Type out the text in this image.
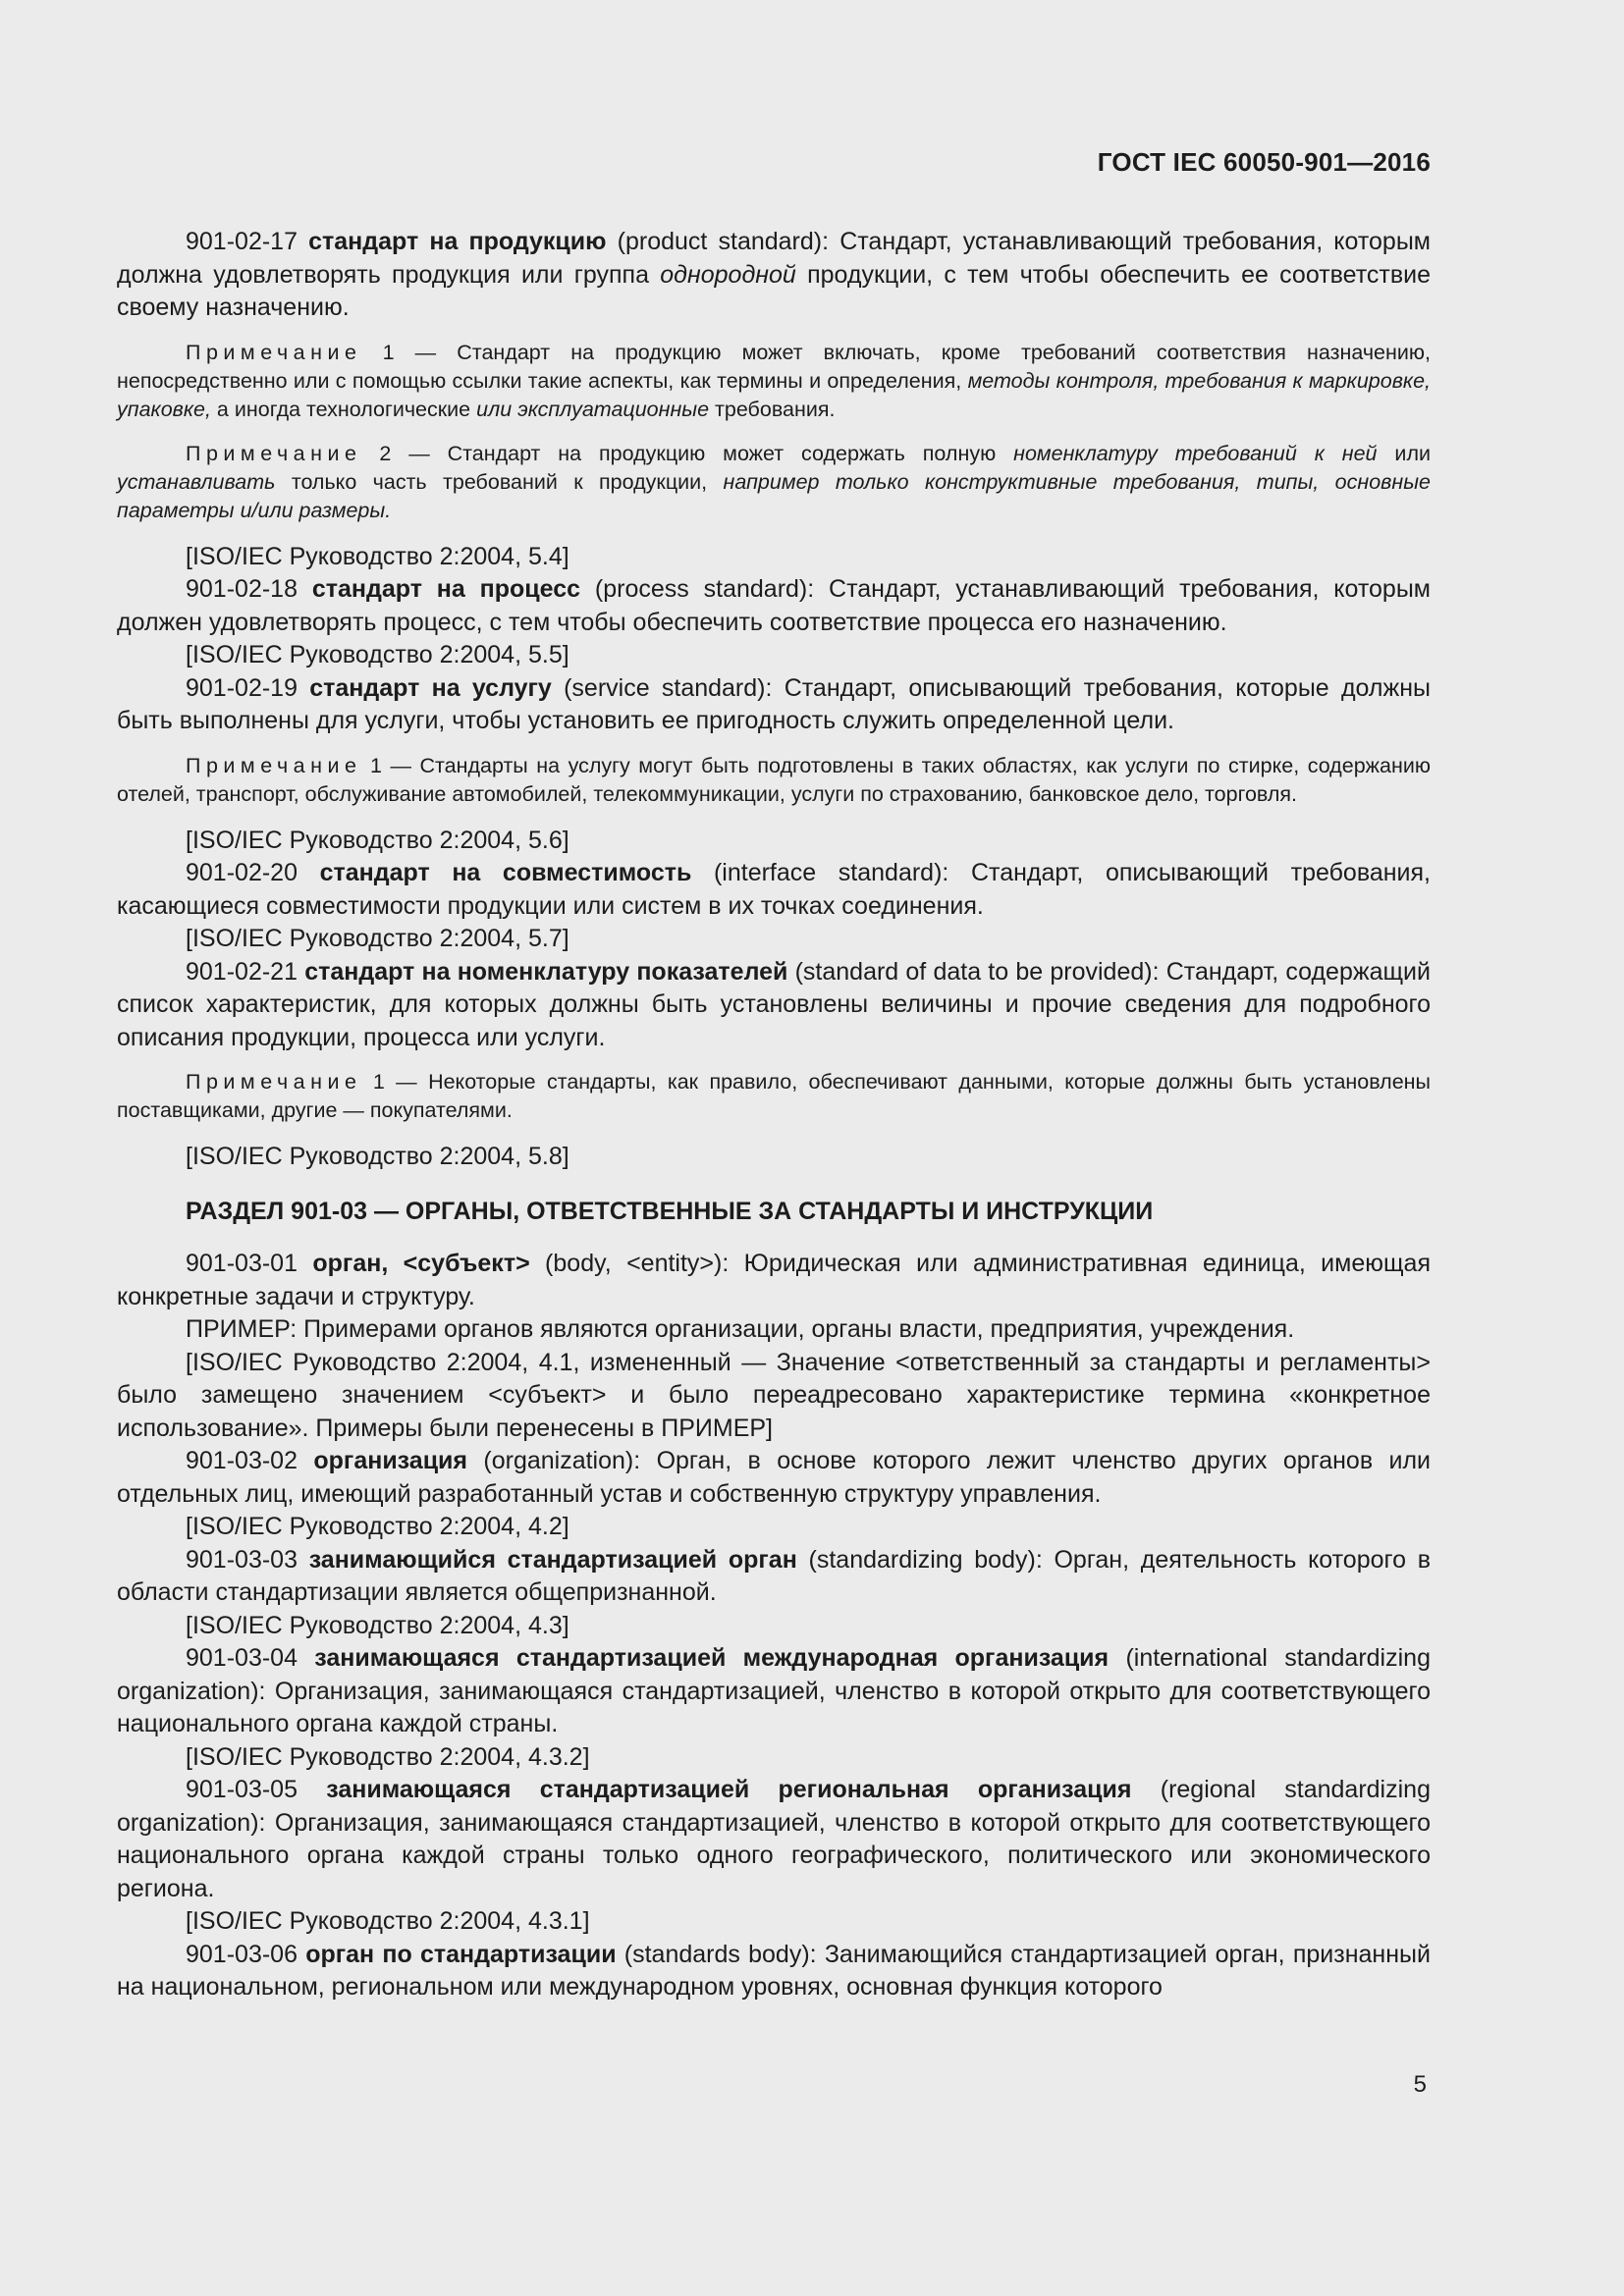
ГОСТ IEC 60050-901—2016

901-02-17 стандарт на продукцию (product standard): Стандарт, устанавливающий требования, которым должна удовлетворять продукция или группа однородной продукции, с тем чтобы обеспечить ее соответствие своему назначению.

Примечание 1 — Стандарт на продукцию может включать, кроме требований соответствия назначению, непосредственно или с помощью ссылки такие аспекты, как термины и определения, методы контроля, требования к маркировке, упаковке, а иногда технологические или эксплуатационные требования.

Примечание 2 — Стандарт на продукцию может содержать полную номенклатуру требований к ней или устанавливать только часть требований к продукции, например только конструктивные требования, типы, основные параметры и/или размеры.

[ISO/IEC Руководство 2:2004, 5.4]

901-02-18 стандарт на процесс (process standard): Стандарт, устанавливающий требования, которым должен удовлетворять процесс, с тем чтобы обеспечить соответствие процесса его назначению.

[ISO/IEC Руководство 2:2004, 5.5]

901-02-19 стандарт на услугу (service standard): Стандарт, описывающий требования, которые должны быть выполнены для услуги, чтобы установить ее пригодность служить определенной цели.

Примечание 1 — Стандарты на услугу могут быть подготовлены в таких областях, как услуги по стирке, содержанию отелей, транспорт, обслуживание автомобилей, телекоммуникации, услуги по страхованию, банковское дело, торговля.

[ISO/IEC Руководство 2:2004, 5.6]

901-02-20 стандарт на совместимость (interface standard): Стандарт, описывающий требования, касающиеся совместимости продукции или систем в их точках соединения.

[ISO/IEC Руководство 2:2004, 5.7]

901-02-21 стандарт на номенклатуру показателей (standard of data to be provided): Стандарт, содержащий список характеристик, для которых должны быть установлены величины и прочие сведения для подробного описания продукции, процесса или услуги.

Примечание 1 — Некоторые стандарты, как правило, обеспечивают данными, которые должны быть установлены поставщиками, другие — покупателями.

[ISO/IEC Руководство 2:2004, 5.8]

РАЗДЕЛ 901-03 — ОРГАНЫ, ОТВЕТСТВЕННЫЕ ЗА СТАНДАРТЫ И ИНСТРУКЦИИ

901-03-01 орган, <субъект> (body, <entity>): Юридическая или административная единица, имеющая конкретные задачи и структуру.

ПРИМЕР: Примерами органов являются организации, органы власти, предприятия, учреждения.

[ISO/IEC Руководство 2:2004, 4.1, измененный — Значение <ответственный за стандарты и регламенты> было замещено значением <субъект> и было переадресовано характеристике термина «конкретное использование». Примеры были перенесены в ПРИМЕР]

901-03-02 организация (organization): Орган, в основе которого лежит членство других органов или отдельных лиц, имеющий разработанный устав и собственную структуру управления.

[ISO/IEC Руководство 2:2004, 4.2]

901-03-03 занимающийся стандартизацией орган (standardizing body): Орган, деятельность которого в области стандартизации является общепризнанной.

[ISO/IEC Руководство 2:2004, 4.3]

901-03-04 занимающаяся стандартизацией международная организация (international standardizing organization): Организация, занимающаяся стандартизацией, членство в которой открыто для соответствующего национального органа каждой страны.

[ISO/IEC Руководство 2:2004, 4.3.2]

901-03-05 занимающаяся стандартизацией региональная организация (regional standardizing organization): Организация, занимающаяся стандартизацией, членство в которой открыто для соответствующего национального органа каждой страны только одного географического, политического или экономического региона.

[ISO/IEC Руководство 2:2004, 4.3.1]

901-03-06 орган по стандартизации (standards body): Занимающийся стандартизацией орган, признанный на национальном, региональном или международном уровнях, основная функция которого

5
